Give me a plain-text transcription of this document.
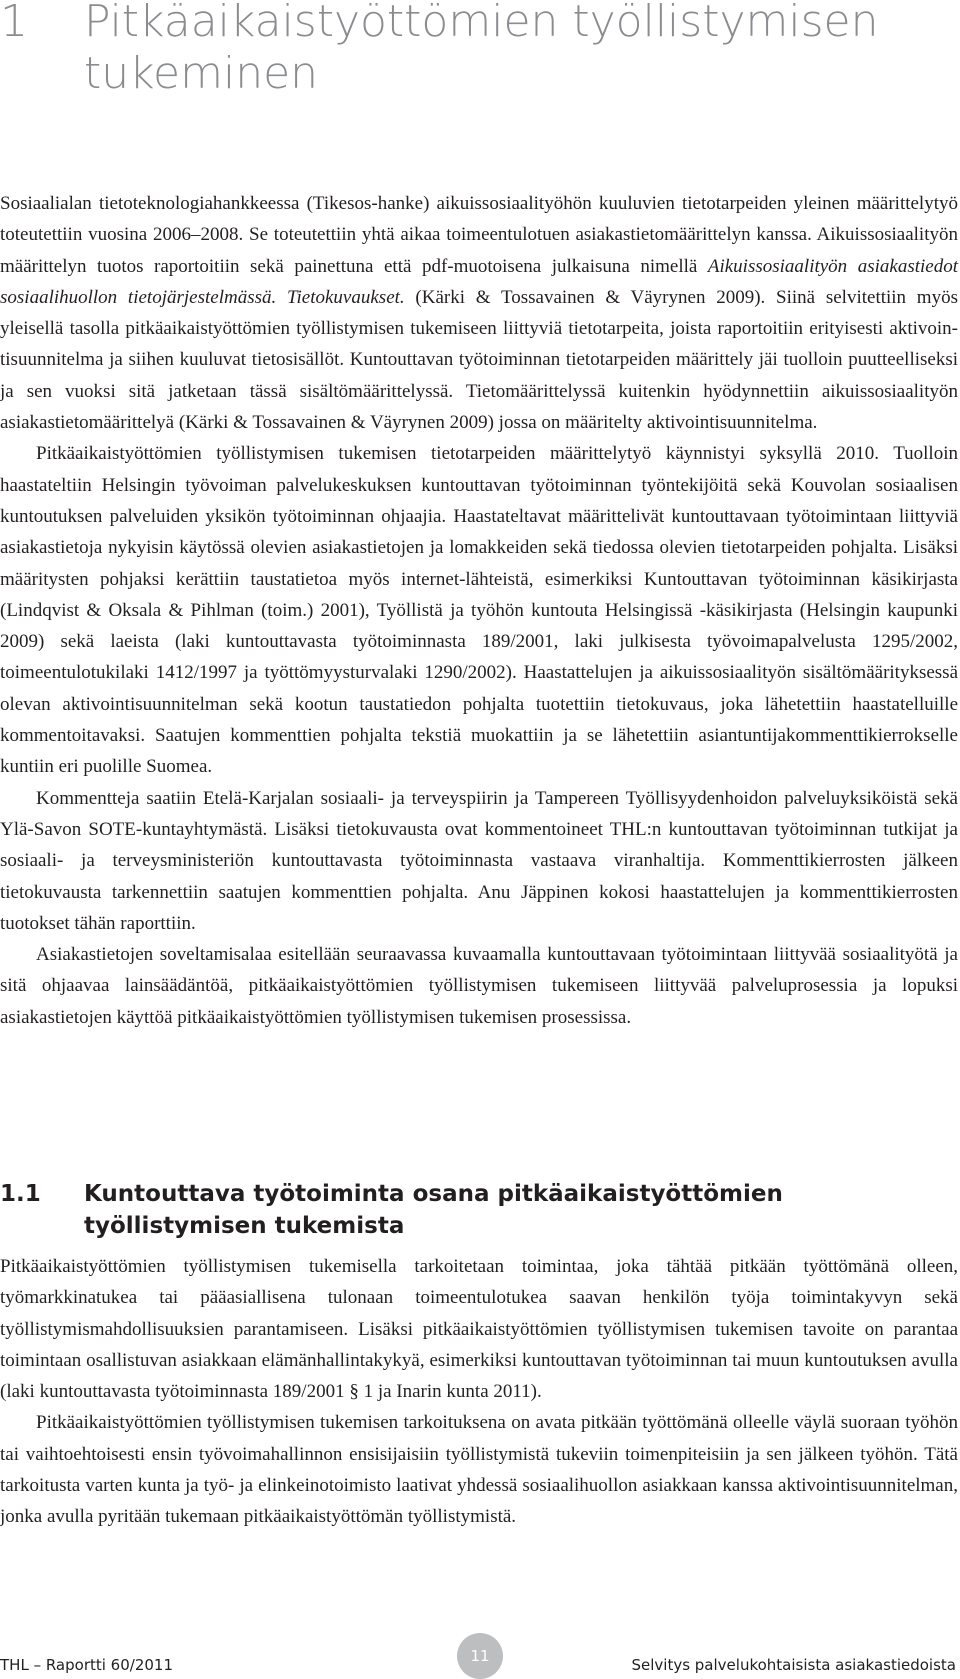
1 Pitkäaikaistyöttömien työllistymisen tukeminen

Sosiaalialan tietoteknologiahankkeessa (Tikesos-hanke) aikuissosiaalityöhön kuuluvien tietotarpeiden yleinen määrittelytyö toteutettiin vuosina 2006–2008. Se toteutettiin yhtä aikaa toimeentulotuen asiakastietomäärittelyn kanssa. Aikuissosiaalityön määrittelyn tuotos raportoitiin sekä painettuna että pdf-muotoisena julkaisuna nimellä Aikuissosiaalityön asiakastiedot sosiaalihuollon tietojärjestelmässä. Tietokuvaukset. (Kärki & Tossavainen & Väyrynen 2009). Siinä selvitettiin myös yleisellä tasolla pitkäaikaistyöttömien työllistymisen tukemiseen liittyviä tietotarpeita, joista raportoitiin erityisesti aktivointisuunnitelma ja siihen kuuluvat tietosisällöt. Kuntouttavan työtoiminnan tietotarpeiden määrittely jäi tuolloin puutteelliseksi ja sen vuoksi sitä jatketaan tässä sisältömäärittelyssä. Tietomäärittelyssä kuitenkin hyödynnettiin aikuissosiaalityön asiakastietomäärittelyä (Kärki & Tossavainen & Väyrynen 2009) jossa on määritelty aktivointisuunnitelma.

Pitkäaikaistyöttömien työllistymisen tukemisen tietotarpeiden määrittelytyö käynnistyi syksyllä 2010. Tuolloin haastateltiin Helsingin työvoiman palvelukeskuksen kuntouttavan työtoiminnan työntekijöitä sekä Kouvolan sosiaalisen kuntoutuksen palveluiden yksikön työtoiminnan ohjaajia. Haastateltavat määrittelivät kuntouttavaan työtoimintaan liittyviä asiakastietoja nykyisin käytössä olevien asiakastietojen ja lomakkeiden sekä tiedossa olevien tietotarpeiden pohjalta. Lisäksi määritysten pohjaksi kerättiin taustatietoa myös internet-lähteistä, esimerkiksi Kuntouttavan työtoiminnan käsikirjasta (Lindqvist & Oksala & Pihlman (toim.) 2001), Työllistä ja työhön kuntouta Helsingissä -käsikirjasta (Helsingin kaupunki 2009) sekä laeista (laki kuntouttavasta työtoiminnasta 189/2001, laki julkisesta työvoimapalvelusta 1295/2002, toimeentulotukilaki 1412/1997 ja työttömyysturvalaki 1290/2002). Haastattelujen ja aikuissosiaalityön sisältömäärityksessä olevan aktivointisuunnitelman sekä kootun taustatiedon pohjalta tuotettiin tietokuvaus, joka lähetettiin haastatelluille kommentoitavaksi. Saatujen kommenttien pohjalta tekstiä muokattiin ja se lähetettiin asiantuntijakommenttikierrokselle kuntiin eri puolille Suomea.

Kommentteja saatiin Etelä-Karjalan sosiaali- ja terveyspiirin ja Tampereen Työllisyydenhoidon palveluyksiköistä sekä Ylä-Savon SOTE-kuntayhtymästä. Lisäksi tietokuvausta ovat kommentoineet THL:n kuntouttavan työtoiminnan tutkijat ja sosiaali- ja terveysministeriön kuntouttavasta työtoiminnasta vastaava viranhaltija. Kommenttikierrosten jälkeen tietokuvausta tarkennettiin saatujen kommenttien pohjalta. Anu Jäppinen kokosi haastattelujen ja kommenttikierrosten tuotokset tähän raporttiin.

Asiakastietojen soveltamisalaa esitellään seuraavassa kuvaamalla kuntouttavaan työtoimintaan liittyvää sosiaalityötä ja sitä ohjaavaa lainsäädäntöä, pitkäaikaistyöttömien työllistymisen tukemiseen liittyvää palveluprosessia ja lopuksi asiakastietojen käyttöä pitkäaikaistyöttömien työllistymisen tukemisen prosessissa.

1.1 Kuntouttava työtoiminta osana pitkäaikaistyöttömien työllistymisen tukemista

Pitkäaikaistyöttömien työllistymisen tukemisella tarkoitetaan toimintaa, joka tähtää pitkään työttömänä olleen, työmarkkinatukea tai pääasiallisena tulonaan toimeentulotukea saavan henkilön työja toimintakyvyn sekä työllistymismahdollisuuksien parantamiseen. Lisäksi pitkäaikaistyöttömien työllistymisen tukemisen tavoite on parantaa toimintaan osallistuvan asiakkaan elämänhallintakykyä, esimerkiksi kuntouttavan työtoiminnan tai muun kuntoutuksen avulla (laki kuntouttavasta työtoiminnasta 189/2001 § 1 ja Inarin kunta 2011).

Pitkäaikaistyöttömien työllistymisen tukemisen tarkoituksena on avata pitkään työttömänä olleelle väylä suoraan työhön tai vaihtoehtoisesti ensin työvoimahallinnon ensisijaisiin työllistymistä tukeviin toimenpiteisiin ja sen jälkeen työhön. Tätä tarkoitusta varten kunta ja työ- ja elinkeinotoimisto laativat yhdessä sosiaalihuollon asiakkaan kanssa aktivointisuunnitelman, jonka avulla pyritään tukemaan pitkäaikaistyöttömän työllistymistä.

THL – Raportti 60/2011	11	Selvitys palvelukohtaisista asiakastiedoista
